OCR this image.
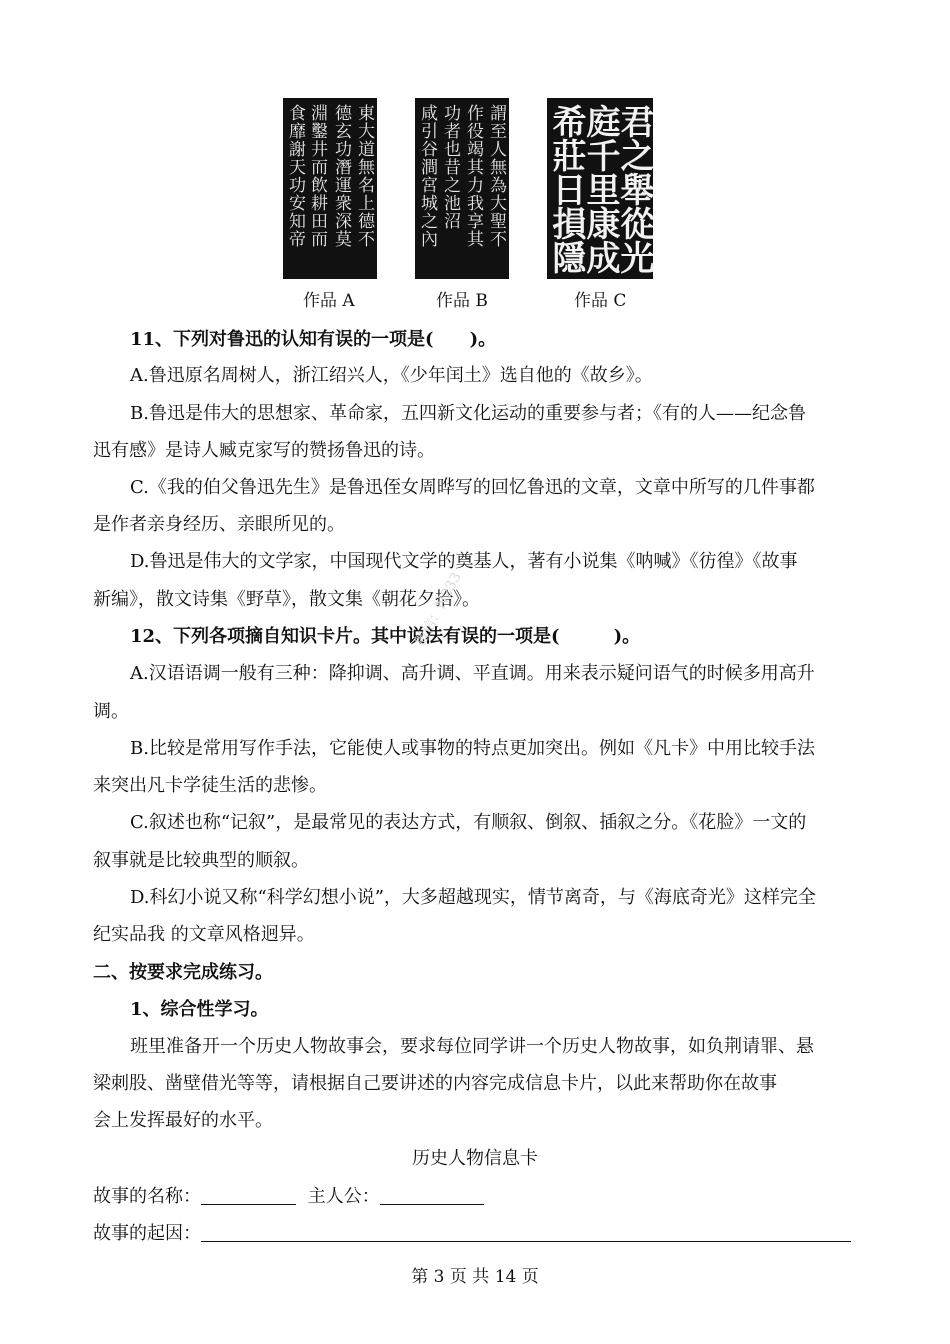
食靡謝天功安知帝 淵鑿井而飲耕田而 德玄功潛運衆深莫 東大道無名上德不
作品 A
咸引谷澗宮城之內 功者也昔之池沼 作役竭其力我享其 謂至人無為大聖不
作品 B
希莊日損隱
庭千里康成
君之舉從光
作品 C
11、下列对鲁迅的认知有误的一项是(　　)。
A.鲁迅原名周树人，浙江绍兴人，《少年闰土》选自他的《故乡》。
B.鲁迅是伟大的思想家、革命家，五四新文化运动的重要参与者；《有的人——纪念鲁
迅有感》是诗人臧克家写的赞扬鲁迅的诗。
C.《我的伯父鲁迅先生》是鲁迅侄女周晔写的回忆鲁迅的文章，文章中所写的几件事都
是作者亲身经历、亲眼所见的。
D.鲁迅是伟大的文学家，中国现代文学的奠基人，著有小说集《呐喊》《彷徨》《故事
新编》，散文诗集《野草》，散文集《朝花夕拾》。
12、下列各项摘自知识卡片。其中说法有误的一项是(　　　)。
A.汉语语调一般有三种：降抑调、高升调、平直调。用来表示疑问语气的时候多用高升
调。
B.比较是常用写作手法，它能使人或事物的特点更加突出。例如《凡卡》中用比较手法
来突出凡卡学徒生活的悲惨。
C.叙述也称“记叙”，是最常见的表达方式，有顺叙、倒叙、插叙之分。《花脸》一文的
叙事就是比较典型的顺叙。
D.科幻小说又称“科学幻想小说”，大多超越现实，情节离奇，与《海底奇光》这样完全
纪实品我 的文章风格迥异。
二、按要求完成练习。
1、综合性学习。
班里准备开一个历史人物故事会，要求每位同学讲一个历史人物故事，如负荆请罪、悬
梁刺股、凿壁借光等等，请根据自己要讲述的内容完成信息卡片，以此来帮助你在故事
会上发挥最好的水平。
历史人物信息卡
故事的名称：	主人公：
故事的起因：
微信：N233
第 3 页 共 14 页
